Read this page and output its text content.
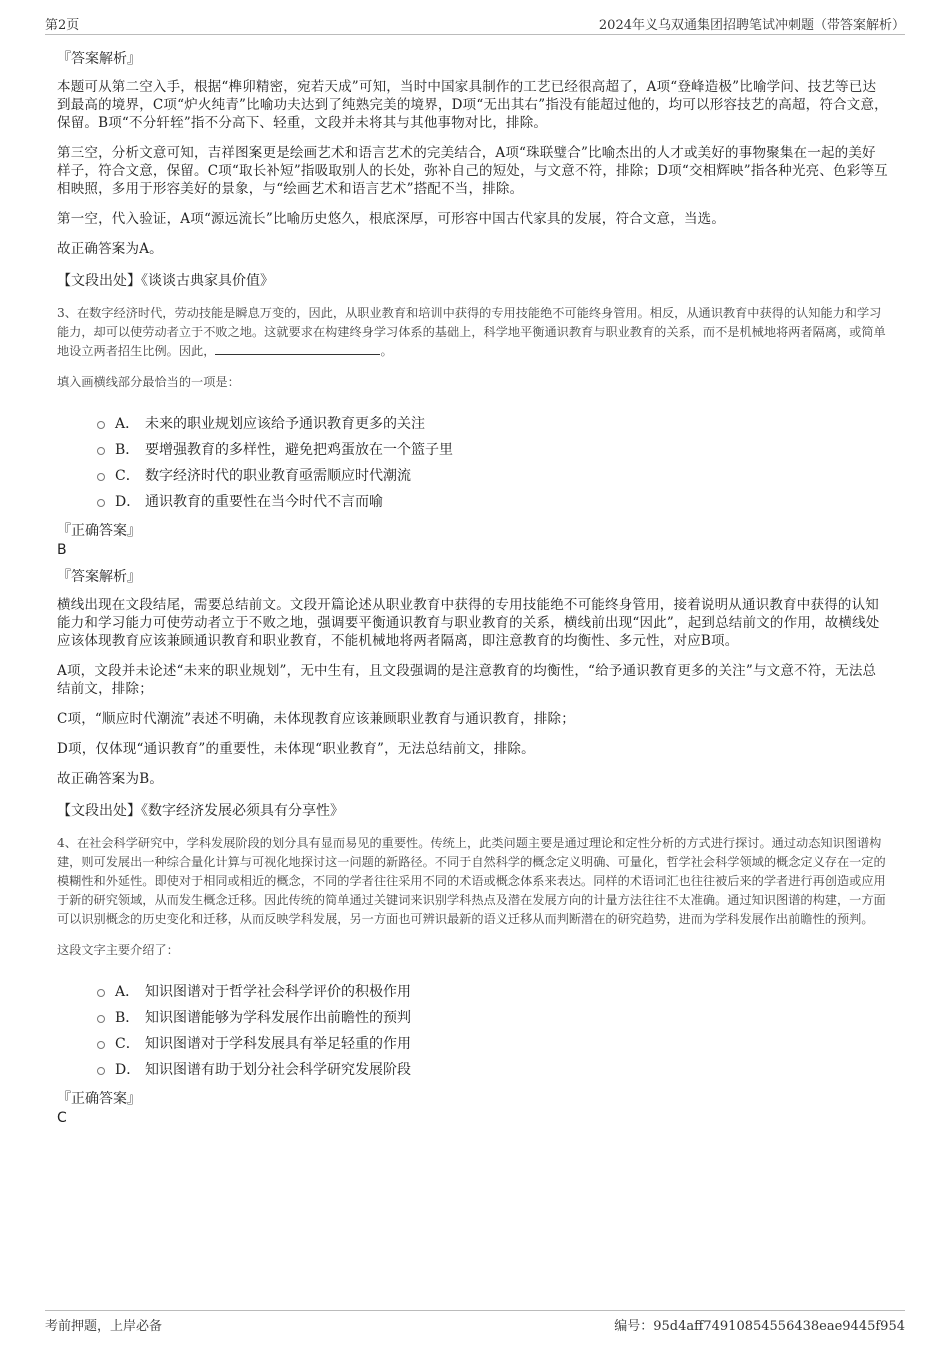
第2页	2024年义乌双通集团招聘笔试冲刺题（带答案解析）
『答案解析』

本题可从第二空入手，根据“榫卯精密，宛若天成”可知，当时中国家具制作的工艺已经很高超了，A项“登峰造极”比喻学问、技艺等已达到最高的境界，C项“炉火纯青”比喻功夫达到了纯熟完美的境界，D项“无出其右”指没有能超过他的，均可以形容技艺的高超，符合文意，保留。B项“不分轩轾”指不分高下、轻重，文段并未将其与其他事物对比，排除。

第三空，分析文意可知，吉祥图案更是绘画艺术和语言艺术的完美结合，A项“珠联璧合”比喻杰出的人才或美好的事物聚集在一起的美好样子，符合文意，保留。C项“取长补短”指吸取别人的长处，弥补自己的短处，与文意不符，排除；D项“交相辉映”指各种光亮、色彩等互相映照，多用于形容美好的景象，与“绘画艺术和语言艺术”搭配不当，排除。

第一空，代入验证，A项“源远流长”比喻历史悠久，根底深厚，可形容中国古代家具的发展，符合文意，当选。

故正确答案为A。

【文段出处】《谈谈古典家具价值》

3、在数字经济时代，劳动技能是瞬息万变的，因此，从职业教育和培训中获得的专用技能绝不可能终身管用。相反，从通识教育中获得的认知能力和学习能力，却可以使劳动者立于不败之地。这就要求在构建终身学习体系的基础上，科学地平衡通识教育与职业教育的关系，而不是机械地将两者隔离，或简单地设立两者招生比例。因此，	。

填入画横线部分最恰当的一项是：
A． 未来的职业规划应该给予通识教育更多的关注
B． 要增强教育的多样性，避免把鸡蛋放在一个篮子里
C． 数字经济时代的职业教育亟需顺应时代潮流
D． 通识教育的重要性在当今时代不言而喻
『正确答案』
B
『答案解析』

横线出现在文段结尾，需要总结前文。文段开篇论述从职业教育中获得的专用技能绝不可能终身管用，接着说明从通识教育中获得的认知能力和学习能力可使劳动者立于不败之地，强调要平衡通识教育与职业教育的关系，横线前出现“因此”，起到总结前文的作用，故横线处应该体现教育应该兼顾通识教育和职业教育，不能机械地将两者隔离，即注意教育的均衡性、多元性，对应B项。

A项，文段并未论述“未来的职业规划”，无中生有，且文段强调的是注意教育的均衡性，“给予通识教育更多的关注”与文意不符，无法总结前文，排除；

C项，“顺应时代潮流”表述不明确，未体现教育应该兼顾职业教育与通识教育，排除；

D项，仅体现“通识教育”的重要性，未体现“职业教育”，无法总结前文，排除。

故正确答案为B。

【文段出处】《数字经济发展必须具有分享性》

4、在社会科学研究中，学科发展阶段的划分具有显而易见的重要性。传统上，此类问题主要是通过理论和定性分析的方式进行探讨。通过动态知识图谱构建，则可发展出一种综合量化计算与可视化地探讨这一问题的新路径。不同于自然科学的概念定义明确、可量化，哲学社会科学领域的概念定义存在一定的模糊性和外延性。即使对于相同或相近的概念，不同的学者往往采用不同的术语或概念体系来表达。同样的术语词汇也往往被后来的学者进行再创造或应用于新的研究领域，从而发生概念迁移。因此传统的简单通过关键词来识别学科热点及潜在发展方向的计量方法往往不太准确。通过知识图谱的构建，一方面可以识别概念的历史变化和迁移，从而反映学科发展，另一方面也可辨识最新的语义迁移从而判断潜在的研究趋势，进而为学科发展作出前瞻性的预判。

这段文字主要介绍了：
A． 知识图谱对于哲学社会科学评价的积极作用
B． 知识图谱能够为学科发展作出前瞻性的预判
C． 知识图谱对于学科发展具有举足轻重的作用
D． 知识图谱有助于划分社会科学研究发展阶段
『正确答案』
C
考前押题，上岸必备	编号：95d4aff74910854556438eae9445f954
